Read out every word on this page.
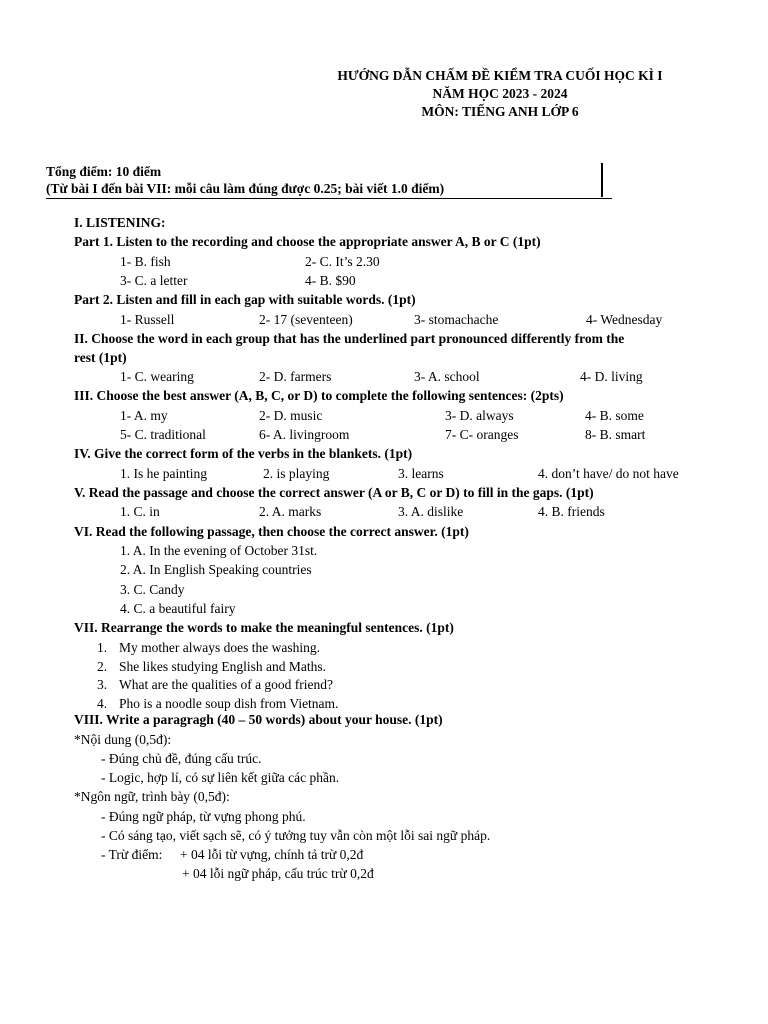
HƯỚNG DẪN CHẤM ĐỀ KIỂM TRA CUỐI HỌC KÌ I
NĂM HỌC 2023 - 2024
MÔN: TIẾNG ANH LỚP 6
Tổng điểm: 10 điểm
(Từ bài I đến bài VII: mỗi câu làm đúng được 0.25; bài viết 1.0 điểm)
I. LISTENING:
Part 1. Listen to the recording and choose the appropriate answer A, B or C (1pt)
1- B. fish	2- C. It’s 2.30
3- C. a letter	4- B. $90
Part 2. Listen and fill in each gap with suitable words. (1pt)
1- Russell	2- 17 (seventeen)	3- stomachache	4- Wednesday
II. Choose the word in each group that has the underlined part pronounced differently from the
rest (1pt)
1- C. wearing	2- D. farmers	3- A. school	4- D. living
III. Choose the best answer (A, B, C, or D) to complete the following sentences: (2pts)
1- A. my	2- D. music	3- D. always	4- B. some
5- C. traditional	6- A. livingroom	7- C- oranges	8- B. smart
IV. Give the correct form of the verbs in the blankets. (1pt)
1. Is he painting	2. is playing	3. learns	4. don’t have/ do not have
V. Read the passage and choose the correct answer (A or B, C or D) to fill in the gaps. (1pt)
1. C. in	2. A. marks	3. A. dislike	4. B. friends
VI. Read the following passage, then choose the correct answer. (1pt)
1. A. In the evening of October 31st.
2. A. In English Speaking countries
3. C. Candy
4. C. a beautiful fairy
VII. Rearrange the words to make the meaningful sentences. (1pt)
1. My mother always does the washing.
2. She likes studying English and Maths.
3. What are the qualities of a good friend?
4. Pho is a noodle soup dish from Vietnam.
VIII. Write a paragragh (40 – 50 words) about your house. (1pt)
*Nội dung (0,5đ):
- Đúng chủ đề, đúng cấu trúc.
- Logic, hợp lí, có sự liên kết giữa các phần.
*Ngôn ngữ, trình bày (0,5đ):
- Đúng ngữ pháp, từ vựng phong phú.
- Có sáng tạo, viết sạch sẽ, có ý tưởng tuy vẫn còn một lỗi sai ngữ pháp.
- Trừ điểm: + 04 lỗi từ vựng, chính tả trừ 0,2đ
+ 04 lỗi ngữ pháp, cấu trúc trừ 0,2đ
